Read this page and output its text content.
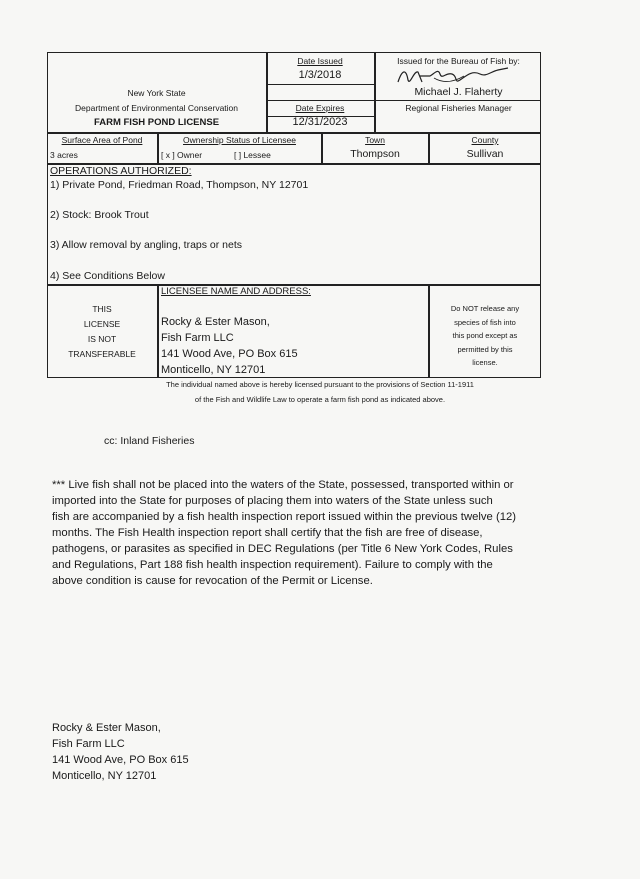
New York State
Department of Environmental Conservation
FARM FISH POND LICENSE
Date Issued
1/3/2018
Date Expires
12/31/2023
Issued for the Bureau of Fish by:
Michael J. Flaherty
Regional Fisheries Manager
Surface Area of Pond
3 acres
Ownership Status of Licensee
[ x ] Owner	[ ] Lessee
Town
Thompson
County
Sullivan
OPERATIONS AUTHORIZED:
1) Private Pond, Friedman Road, Thompson, NY 12701
2) Stock: Brook Trout
3) Allow removal by angling, traps or nets
4) See Conditions Below
THIS
LICENSE
IS NOT
TRANSFERABLE
LICENSEE NAME AND ADDRESS:
Rocky & Ester Mason,
Fish Farm LLC
141 Wood Ave, PO Box 615
Monticello, NY 12701
Do NOT release any
species of fish into
this pond except as
permitted by this
license.
The individual named above is hereby licensed pursuant to the provisions of Section 11-1911
of the Fish and Wildlife Law to operate a farm fish pond as indicated above.
cc: Inland Fisheries
*** Live fish shall not be placed into the waters of the State, possessed, transported within or
imported into the State for purposes of placing them into waters of the State unless such
fish are accompanied by a fish health inspection report issued within the previous twelve (12)
months. The Fish Health inspection report shall certify that the fish are free of disease,
pathogens, or parasites as specified in DEC Regulations (per Title 6 New York Codes, Rules
and Regulations, Part 188 fish health inspection requirement). Failure to comply with the
above condition is cause for revocation of the Permit or License.
Rocky & Ester Mason,
Fish Farm LLC
141 Wood Ave, PO Box 615
Monticello, NY 12701
